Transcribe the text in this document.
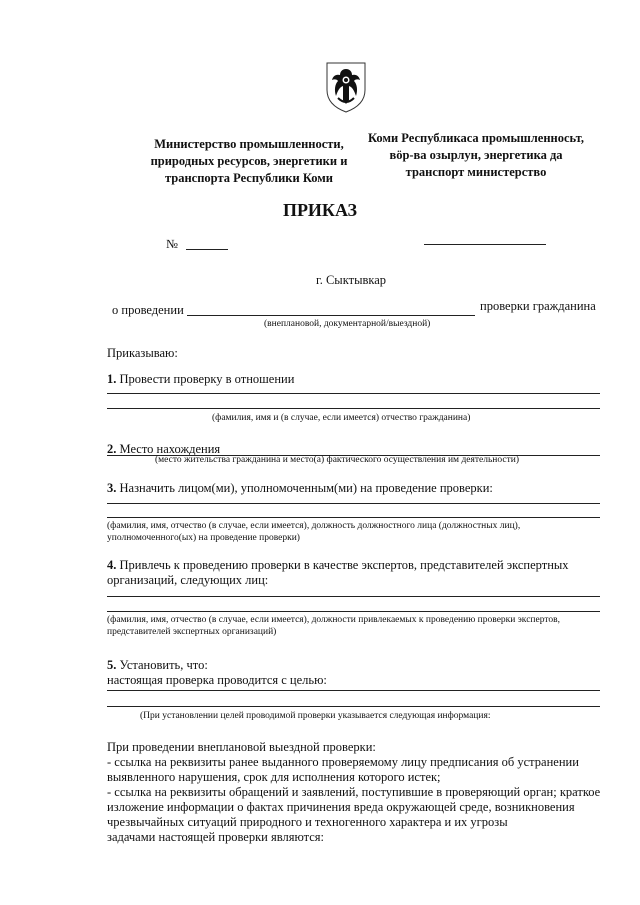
Министерство промышленности,
природных ресурсов, энергетики и
транспорта Республики Коми
Коми Республикаса промышленносьт,
вӧр-ва озырлун, энергетика да
транспорт министерство
ПРИКАЗ
№
г. Сыктывкар
о проведении	проверки гражданина
(внеплановой, документарной/выездной)
Приказываю:
1. Провести проверку в отношении
(фамилия, имя и (в случае, если имеется) отчество гражданина)
2. Место нахождения
(место жительства гражданина и место(а) фактического осуществления им деятельности)
3. Назначить лицом(ми), уполномоченным(ми) на проведение проверки:
(фамилия, имя, отчество (в случае, если имеется), должность должностного лица (должностных лиц),
уполномоченного(ых) на проведение проверки)
4. Привлечь к проведению проверки в качестве экспертов, представителей экспертных
организаций, следующих лиц:
(фамилия, имя, отчество (в случае, если имеется), должности привлекаемых к проведению проверки экспертов,
представителей экспертных организаций)
5. Установить, что:
настоящая проверка проводится с целью:
(При установлении целей проводимой проверки указывается следующая информация:
При проведении внеплановой выездной проверки:
- ссылка на реквизиты ранее выданного проверяемому лицу предписания об устранении
выявленного нарушения, срок для исполнения которого истек;
- ссылка на реквизиты обращений и заявлений, поступившие в проверяющий орган; краткое
изложение информации о фактах причинения вреда окружающей среде, возникновения
чрезвычайных ситуаций природного и техногенного характера и их угрозы
задачами настоящей проверки являются:
